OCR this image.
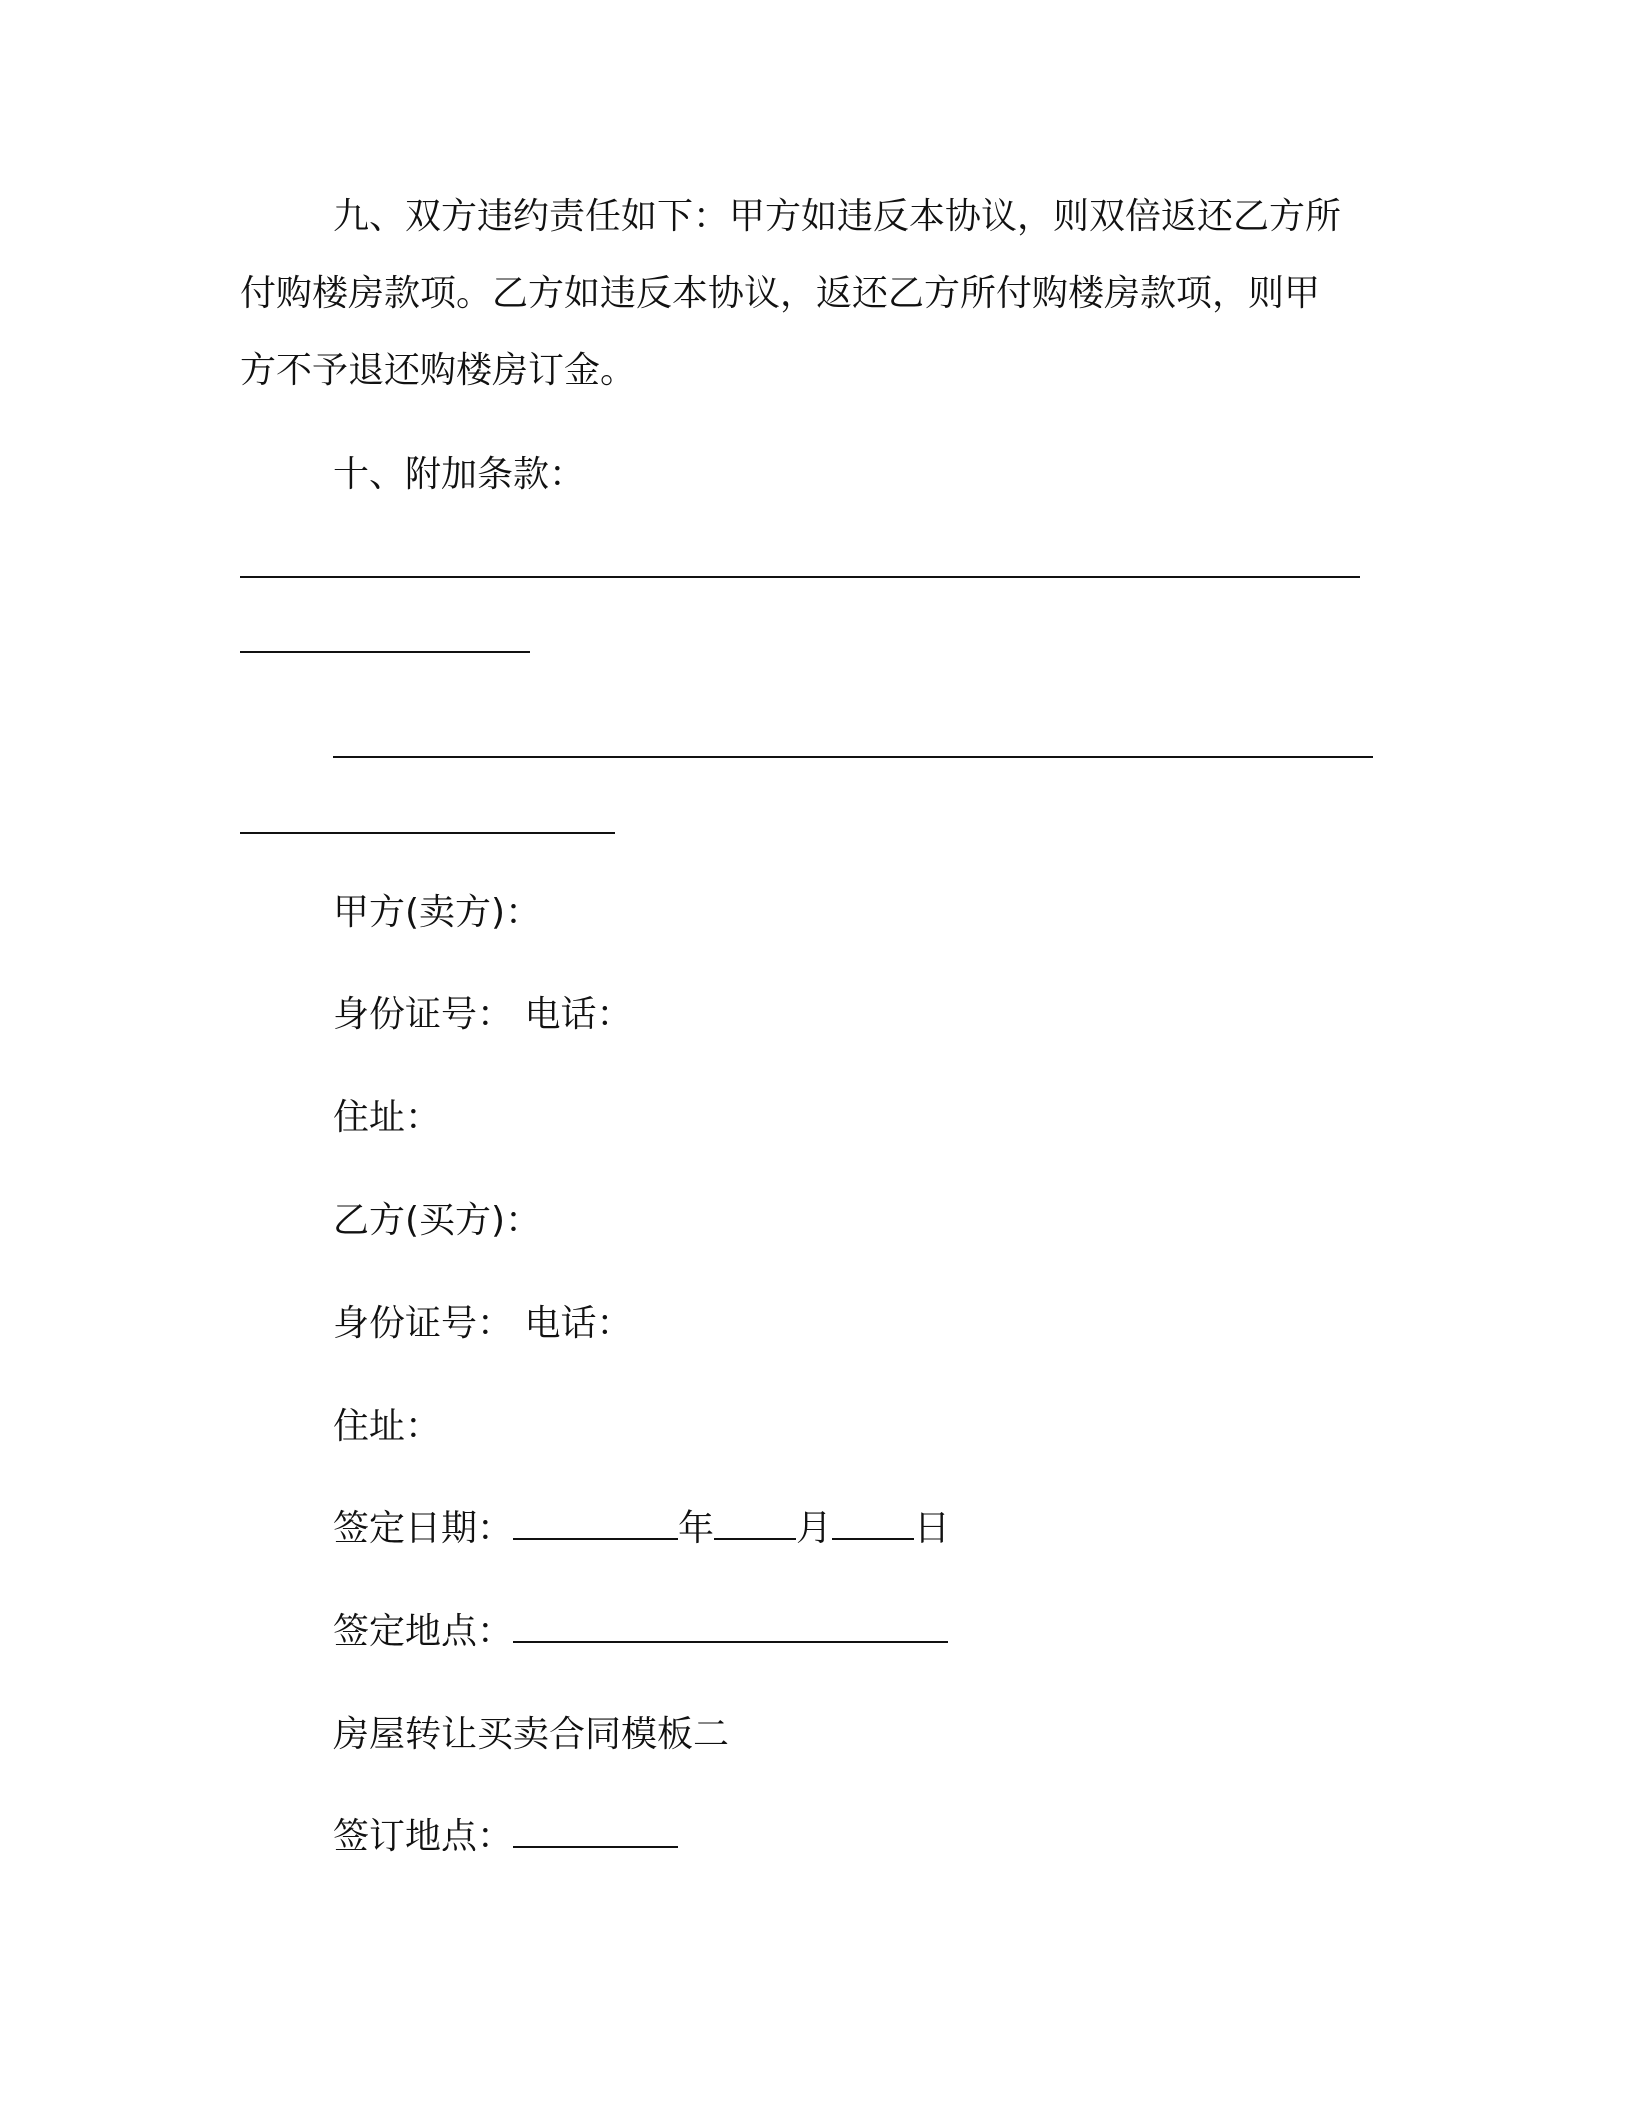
九、双方违约责任如下：甲方如违反本协议，则双倍返还乙方所
付购楼房款项。乙方如违反本协议，返还乙方所付购楼房款项，则甲
方不予退还购楼房订金。
十、附加条款：
甲方(卖方)：
身份证号： 电话：
住址：
乙方(买方)：
身份证号： 电话：
住址：
签定日期：	年 月 日
签定地点：
房屋转让买卖合同模板二
签订地点：
